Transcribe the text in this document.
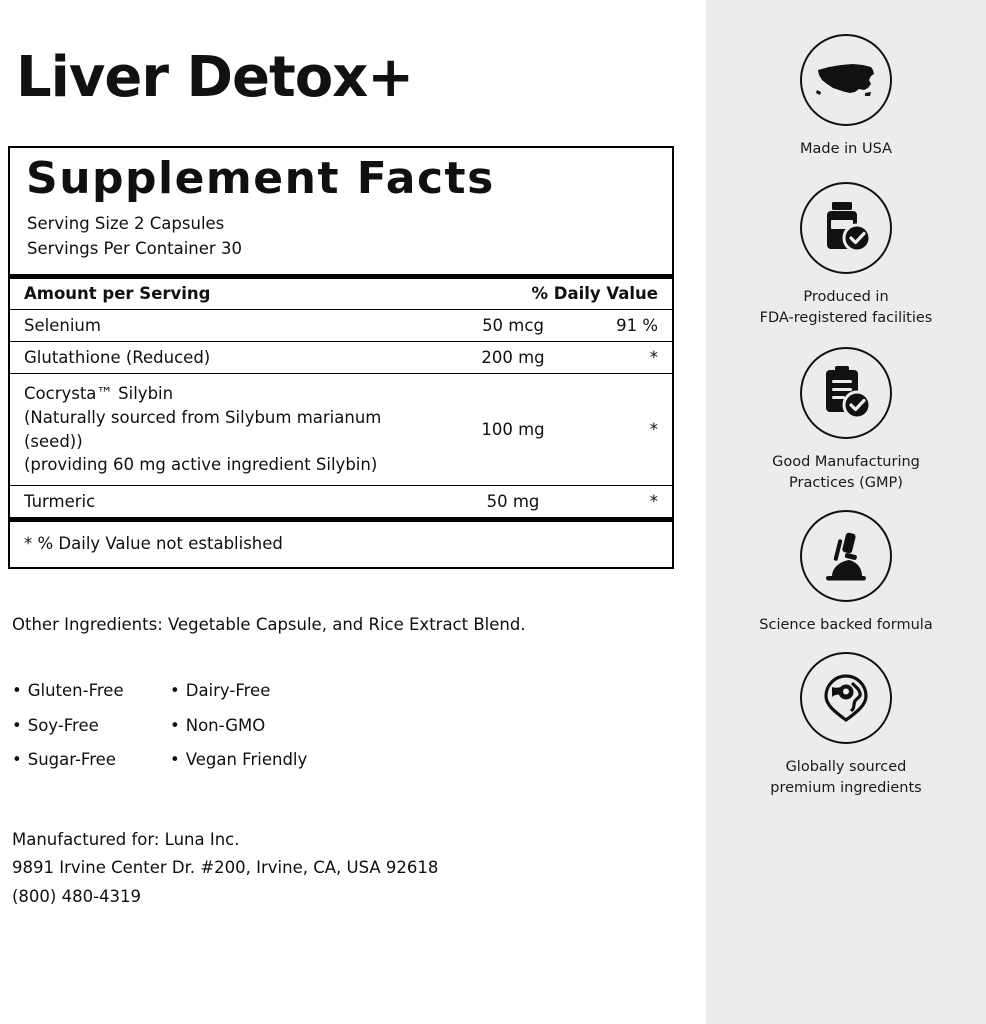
Liver Detox+
Supplement Facts
Serving Size 2 Capsules
Servings Per Container 30
Amount per Serving	% Daily Value
Selenium	50 mcg	91 %
Glutathione (Reduced)	200 mg	*
Cocrysta™ Silybin
(Naturally sourced from Silybum marianum (seed))
(providing 60 mg active ingredient Silybin)
100 mg	*
Turmeric	50 mg	*
* % Daily Value not established
Other Ingredients: Vegetable Capsule, and Rice Extract Blend.
• Gluten-Free
• Soy-Free
• Sugar-Free
• Dairy-Free
• Non-GMO
• Vegan Friendly
Manufactured for: Luna Inc.
9891 Irvine Center Dr. #200, Irvine, CA, USA 92618
(800) 480-4319
Made in USA
Produced in
FDA-registered facilities
Good Manufacturing
Practices (GMP)
Science backed formula
Globally sourced
premium ingredients
